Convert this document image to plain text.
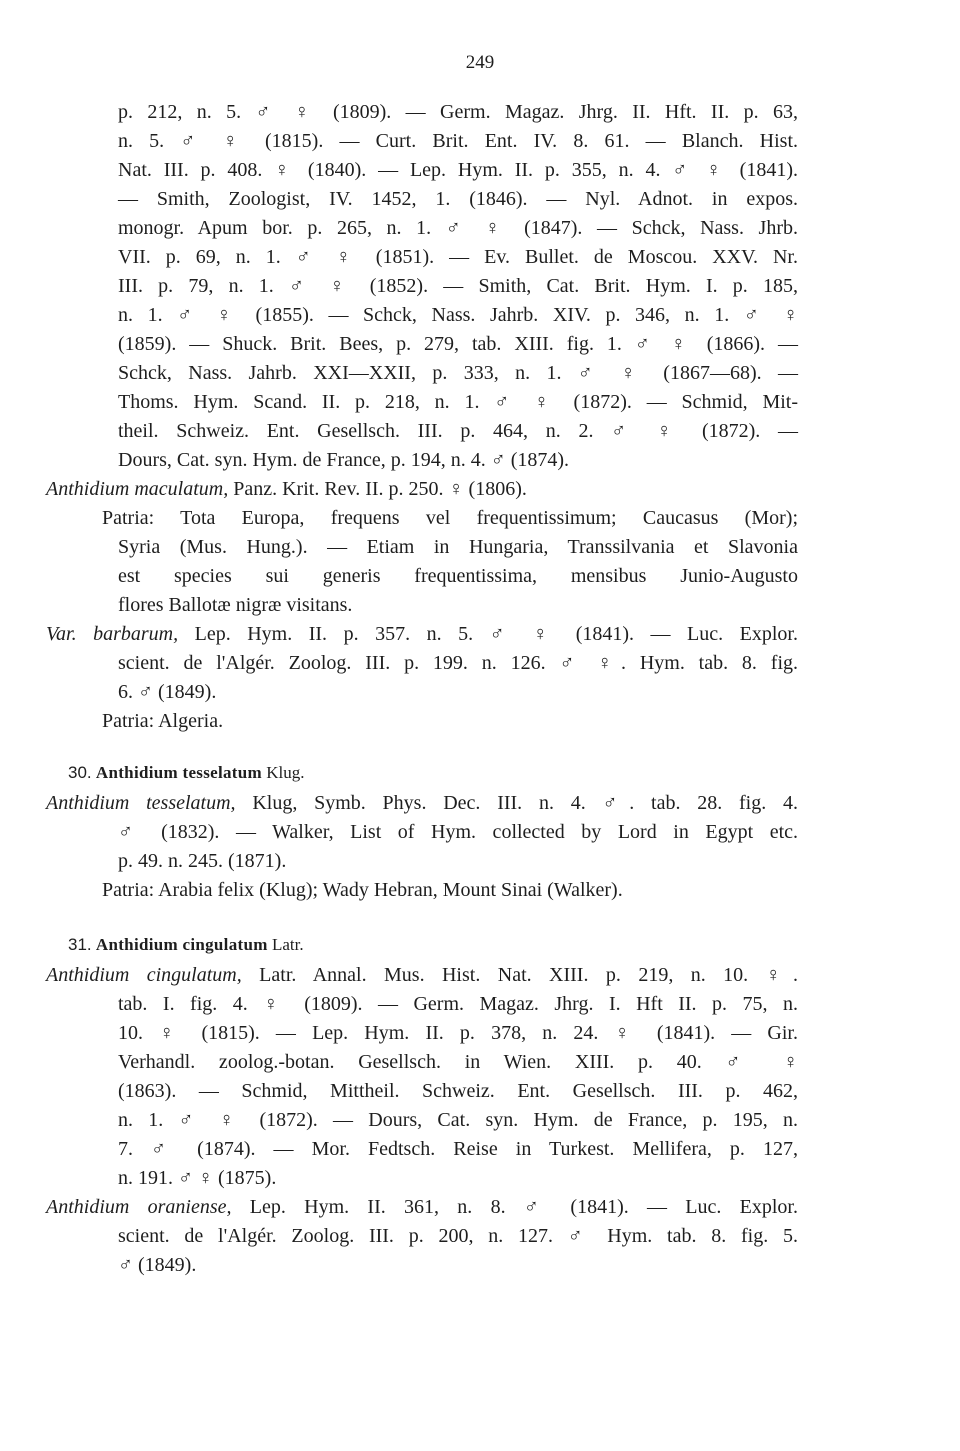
249
p. 212, n. 5. ♂ ♀ (1809). — Germ. Magaz. Jhrg. II. Hft. II. p. 63,
n. 5. ♂ ♀ (1815). — Curt. Brit. Ent. IV. 8. 61. — Blanch. Hist.
Nat. III. p. 408. ♀ (1840). — Lep. Hym. II. p. 355, n. 4. ♂ ♀ (1841).
— Smith, Zoologist, IV. 1452, 1. (1846). — Nyl. Adnot. in expos.
monogr. Apum bor. p. 265, n. 1. ♂ ♀ (1847). — Schck, Nass. Jhrb.
VII. p. 69, n. 1. ♂ ♀ (1851). — Ev. Bullet. de Moscou. XXV. Nr.
III. p. 79, n. 1. ♂ ♀ (1852). — Smith, Cat. Brit. Hym. I. p. 185,
n. 1. ♂ ♀ (1855). — Schck, Nass. Jahrb. XIV. p. 346, n. 1. ♂ ♀
(1859). — Shuck. Brit. Bees, p. 279, tab. XIII. fig. 1. ♂ ♀ (1866). —
Schck, Nass. Jahrb. XXI—XXII, p. 333, n. 1. ♂ ♀ (1867—68). —
Thoms. Hym. Scand. II. p. 218, n. 1. ♂ ♀ (1872). — Schmid, Mit-
theil. Schweiz. Ent. Gesellsch. III. p. 464, n. 2. ♂ ♀ (1872). —
Dours, Cat. syn. Hym. de France, p. 194, n. 4. ♂ (1874).
Anthidium maculatum, Panz. Krit. Rev. II. p. 250. ♀ (1806).
Patria: Tota Europa, frequens vel frequentissimum; Caucasus (Mor);
Syria (Mus. Hung.). — Etiam in Hungaria, Transsilvania et Slavonia
est species sui generis frequentissima, mensibus Junio-Augusto
flores Ballotæ nigræ visitans.
Var. barbarum, Lep. Hym. II. p. 357. n. 5. ♂ ♀ (1841). — Luc. Explor.
scient. de l'Algér. Zoolog. III. p. 199. n. 126. ♂ ♀. Hym. tab. 8. fig.
6. ♂ (1849).
Patria: Algeria.
30. Anthidium tesselatum Klug.
Anthidium tesselatum, Klug, Symb. Phys. Dec. III. n. 4. ♂. tab. 28. fig. 4.
♂ (1832). — Walker, List of Hym. collected by Lord in Egypt etc.
p. 49. n. 245. (1871).
Patria: Arabia felix (Klug); Wady Hebran, Mount Sinai (Walker).
31. Anthidium cingulatum Latr.
Anthidium cingulatum, Latr. Annal. Mus. Hist. Nat. XIII. p. 219, n. 10. ♀.
tab. I. fig. 4. ♀ (1809). — Germ. Magaz. Jhrg. I. Hft II. p. 75, n.
10. ♀ (1815). — Lep. Hym. II. p. 378, n. 24. ♀ (1841). — Gir.
Verhandl. zoolog.-botan. Gesellsch. in Wien. XIII. p. 40. ♂ ♀
(1863). — Schmid, Mittheil. Schweiz. Ent. Gesellsch. III. p. 462,
n. 1. ♂ ♀ (1872). — Dours, Cat. syn. Hym. de France, p. 195, n.
7. ♂ (1874). — Mor. Fedtsch. Reise in Turkest. Mellifera, p. 127,
n. 191. ♂ ♀ (1875).
Anthidium oraniense, Lep. Hym. II. 361, n. 8. ♂ (1841). — Luc. Explor.
scient. de l'Algér. Zoolog. III. p. 200, n. 127. ♂ Hym. tab. 8. fig. 5.
♂ (1849).
